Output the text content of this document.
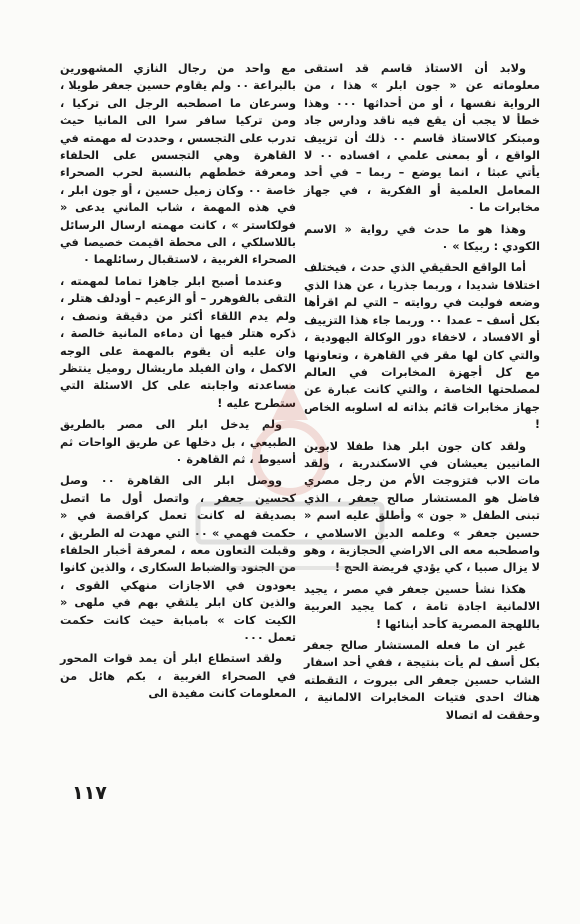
ولابد أن الاستاذ قاسم قد استقى معلوماته عن « جون ابلر » هذا ، من الرواية نفسها ، أو من أحداثها ٠٠٠ وهذا خطأ لا يجب أن يقع فيه ناقد ودارس جاد ومبتكر كالاستاذ قاسم ٠٠ ذلك أن تزييف الواقع ، أو بمعنى علمي ، افساده ٠٠ لا يأتي عبثا ، انما يوضع – ربما – في أحد المعامل العلمية أو الفكرية ، في جهاز مخابرات ما ٠

وهذا هو ما حدث في رواية « الاسم الكودي : ربيكا » ٠

أما الواقع الحقيقي الذي حدث ، فيختلف اختلافا شديدا ، وربما جذريا ، عن هذا الذي وضعه فوليت في روايته – التي لم اقرأها بكل أسف – عمدا ٠٠ وربما جاء هذا التزييف أو الافساد ، لاخفاء دور الوكالة اليهودية ، والتي كان لها مقر في القاهرة ، وتعاونها مع كل أجهزة المخابرات في العالم لمصلحتها الخاصة ، والتي كانت عبارة عن جهاز مخابرات قائم بذاته له اسلوبه الخاص !

ولقد كان جون ابلر هذا طفلا لابوين المانيين يعيشان في الاسكندرية ، ولقد مات الاب فتزوجت الأم من رجل مصري فاضل هو المستشار صالح جعفر ، الذي تبنى الطفل « جون » وأطلق عليه اسم « حسين جعفر » وعلمه الدين الاسلامي ، واصطحبه معه الى الاراضي الحجازية ، وهو لا يزال صبيا ، كي يؤدي فريضة الحج !

هكذا نشأ حسين جعفر في مصر ، يجيد الالمانية اجادة تامة ، كما يجيد العربية باللهجة المصرية كأحد أبنائها !

غير ان ما فعله المستشار صالح جعفر بكل أسف لم يأت بنتيجة ، ففي أحد اسفار الشاب حسين جعفر الى بيروت ، التقطته هناك احدى فتيات المخابرات الالمانية ، وحققت له اتصالا

مع واحد من رجال النازي المشهورين بالبراعة ٠٠ ولم يقاوم حسين جعفر طويلا ، وسرعان ما اصطحبه الرجل الى تركيا ، ومن تركيا سافر سرا الى المانيا حيث تدرب على التجسس ، وحددت له مهمته في القاهرة وهي التجسس على الحلفاء ومعرفة خططهم بالنسبة لحرب الصحراء خاصة ٠٠ وكان زميل حسين ، أو جون ابلر ، في هذه المهمة ، شاب الماني يدعى « فولكاستر » ، كانت مهمته ارسال الرسائل باللاسلكي ، الى محطة اقيمت خصيصا في الصحراء الغربية ، لاستقبال رسائلهما ٠

وعندما أصبح ابلر جاهزا تماما لمهمته ، التقى بالفوهرر – أو الزعيم – أودلف هتلر ، ولم يدم اللقاء أكثر من دقيقة ونصف ، ذكره هتلر فيها أن دماءه المانية خالصة ، وان عليه أن يقوم بالمهمة على الوجه الاكمل ، وان الفيلد ماريشال روميل ينتظر مساعدته واجابته على كل الاسئلة التي ستطرح عليه !

ولم يدخل ابلر الى مصر بالطريق الطبيعي ، بل دخلها عن طريق الواحات ثم أسيوط ، ثم القاهرة ٠

ووصل ابلر الى القاهرة ٠٠ وصل كحسين جعفر ، واتصل أول ما اتصل بصديقة له كانت تعمل كراقصة في « حكمت فهمي » ٠٠ التي مهدت له الطريق ، وقبلت التعاون معه ، لمعرفة أخبار الحلفاء من الجنود والضباط السكارى ، والذين كانوا يعودون في الاجازات منهكي القوى ، والذين كان ابلر يلتقي بهم في ملهى « الكيت كات » بامبابة حيث كانت حكمت تعمل ٠٠٠

ولقد استطاع ابلر أن يمد قوات المحور في الصحراء الغربية ، بكم هائل من المعلومات كانت مفيدة الى

١١٧
